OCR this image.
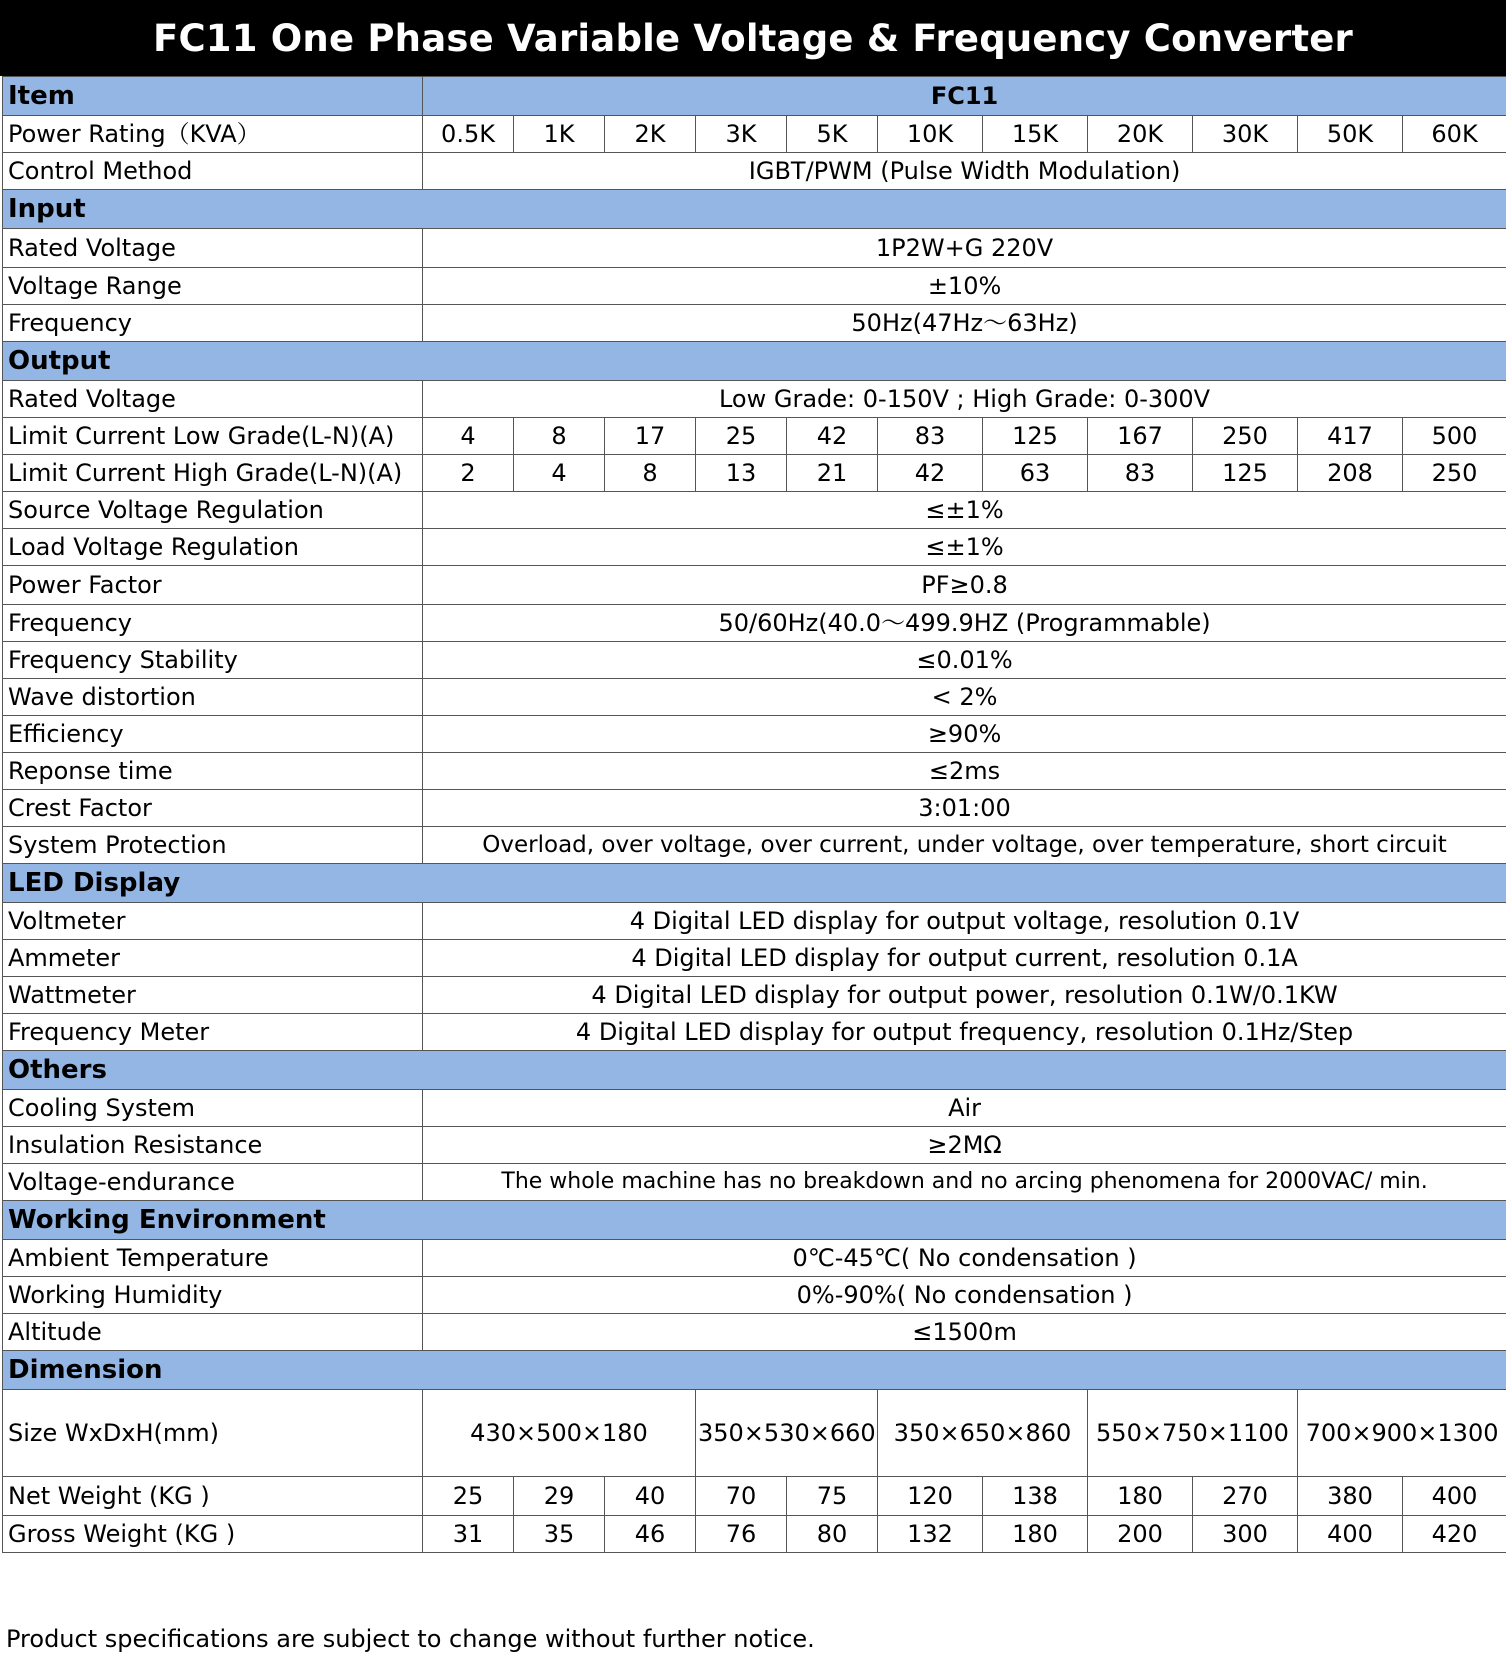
FC11 One Phase Variable Voltage & Frequency Converter
Item	FC11										
Power Rating（KVA）	0.5K	1K	2K	3K	5K	10K	15K	20K	30K	50K	60K
Control Method	IGBT/PWM (Pulse Width Modulation)										
Input											
Rated Voltage	1P2W+G 220V										
Voltage Range	±10%										
Frequency	50Hz(47Hz～63Hz)										
Output											
Rated Voltage	Low Grade: 0-150V ; High Grade: 0-300V										
Limit Current Low Grade(L-N)(A)	4	8	17	25	42	83	125	167	250	417	500
Limit Current High Grade(L-N)(A)	2	4	8	13	21	42	63	83	125	208	250
Source Voltage Regulation	≤±1%										
Load Voltage Regulation	≤±1%										
Power Factor	PF≥0.8										
Frequency	50/60Hz(40.0～499.9HZ (Programmable)										
Frequency Stability	≤0.01%										
Wave distortion	< 2%										
Efficiency	≥90%										
Reponse time	≤2ms										
Crest Factor	3:01:00										
System Protection	Overload, over voltage, over current, under voltage, over temperature, short circuit										
LED Display											
Voltmeter	4 Digital LED display for output voltage, resolution 0.1V										
Ammeter	4 Digital LED display for output current, resolution 0.1A										
Wattmeter	4 Digital LED display for output power, resolution 0.1W/0.1KW										
Frequency Meter	4 Digital LED display for output frequency, resolution 0.1Hz/Step										
Others											
Cooling System	Air										
Insulation Resistance	≥2MΩ										
Voltage-endurance	The whole machine has no breakdown and no arcing phenomena for 2000VAC/ min.										
Working Environment											
Ambient Temperature	0℃-45℃( No condensation )										
Working Humidity	0%-90%( No condensation )										
Altitude	≤1500m										
Dimension											
Size WxDxH(mm)	430×500×180			350×530×660		350×650×860		550×750×1100		700×900×1300	
Net Weight (KG )	25	29	40	70	75	120	138	180	270	380	400
Gross Weight (KG )	31	35	46	76	80	132	180	200	300	400	420
Product specifications are subject to change without further notice.
